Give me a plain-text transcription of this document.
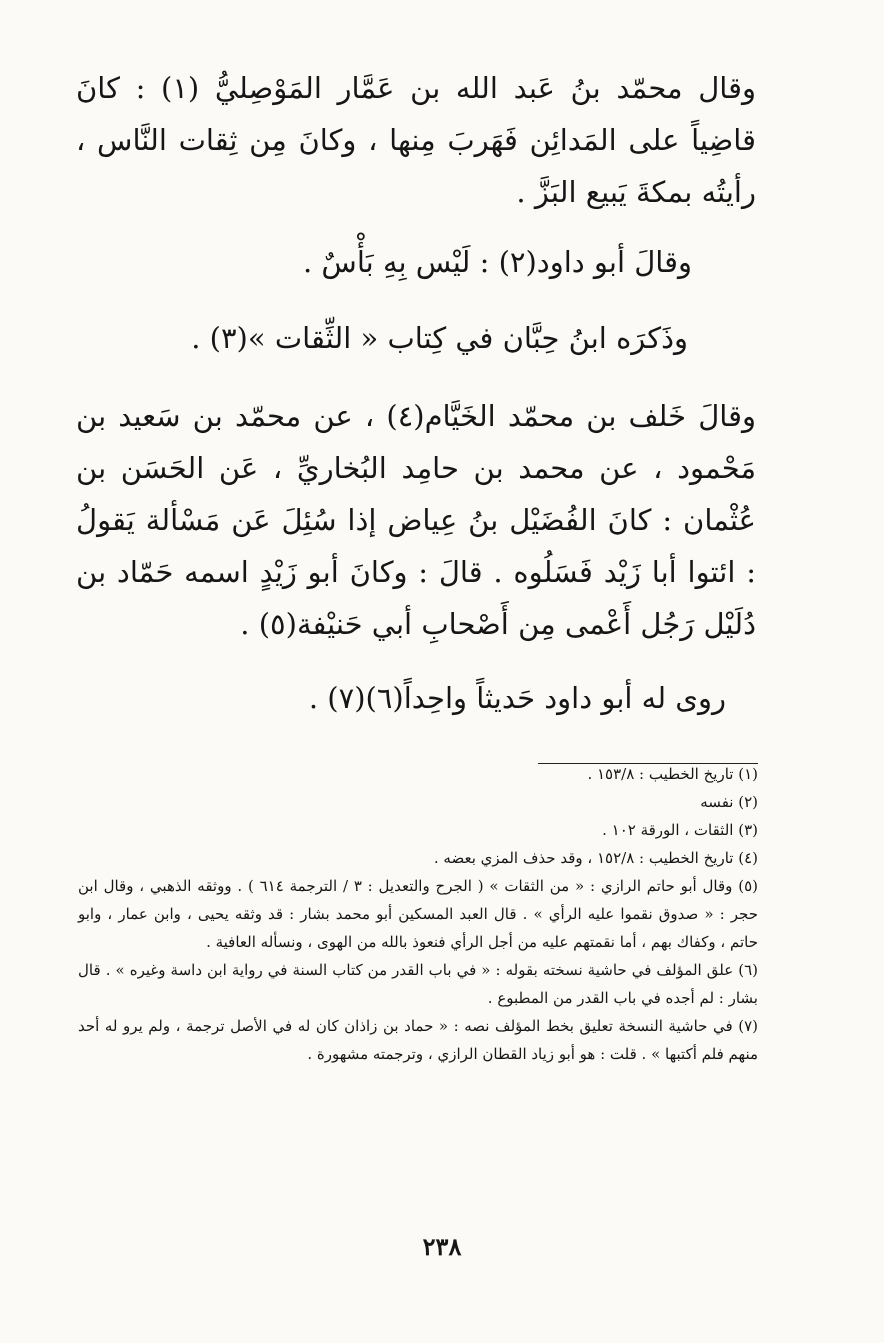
وقال محمّد بنُ عَبد الله بن عَمَّار المَوْصِليُّ (١) : كانَ قاضِياً على المَدائِن فَهَربَ مِنها ، وكانَ مِن ثِقات النَّاس ، رأيتُه بمكةَ يَبيع البَزَّ .

وقالَ أبو داود(٢) : لَيْس بِهِ بَأْسٌ .

وذَكرَه ابنُ حِبَّان في كِتاب « الثِّقات »(٣) .

وقالَ خَلف بن محمّد الخَيَّام(٤) ، عن محمّد بن سَعيد بن مَحْمود ، عن محمد بن حامِد البُخاريِّ ، عَن الحَسَن بن عُثْمان : كانَ الفُضَيْل بنُ عِياض إذا سُئِلَ عَن مَسْألة يَقولُ : ائتوا أبا زَيْد فَسَلُوه . قالَ : وكانَ أبو زَيْدٍ اسمه حَمّاد بن دُلَيْل رَجُل أَعْمى مِن أَصْحابِ أبي حَنيْفة(٥) .

روى له أبو داود حَديثاً واحِداً(٦)(٧) .

(١) تاريخ الخطيب : ١٥٣/٨ .

(٢) نفسه

(٣) الثقات ، الورقة ١٠٢ .

(٤) تاريخ الخطيب : ١٥٢/٨ ، وقد حذف المزي بعضه .

(٥) وقال أبو حاتم الرازي : « من الثقات » ( الجرح والتعديل : ٣ / الترجمة ٦١٤ ) . ووثقه الذهبي ، وقال ابن حجر : « صدوق نقموا عليه الرأي » . قال العبد المسكين أبو محمد بشار : قد وثقه يحيى ، وابن عمار ، وابو حاتم ، وكفاك بهم ، أما نقمتهم عليه من أجل الرأي فنعوذ بالله من الهوى ، ونسأله العافية .

(٦) علق المؤلف في حاشية نسخته بقوله : « في باب القدر من كتاب السنة في رواية ابن داسة وغيره » . قال بشار : لم أجده في باب القدر من المطبوع .

(٧) في حاشية النسخة تعليق بخط المؤلف نصه : « حماد بن زاذان كان له في الأصل ترجمة ، ولم يرو له أحد منهم فلم أكتبها » . قلت : هو أبو زياد القطان الرازي ، وترجمته مشهورة .

٢٣٨
